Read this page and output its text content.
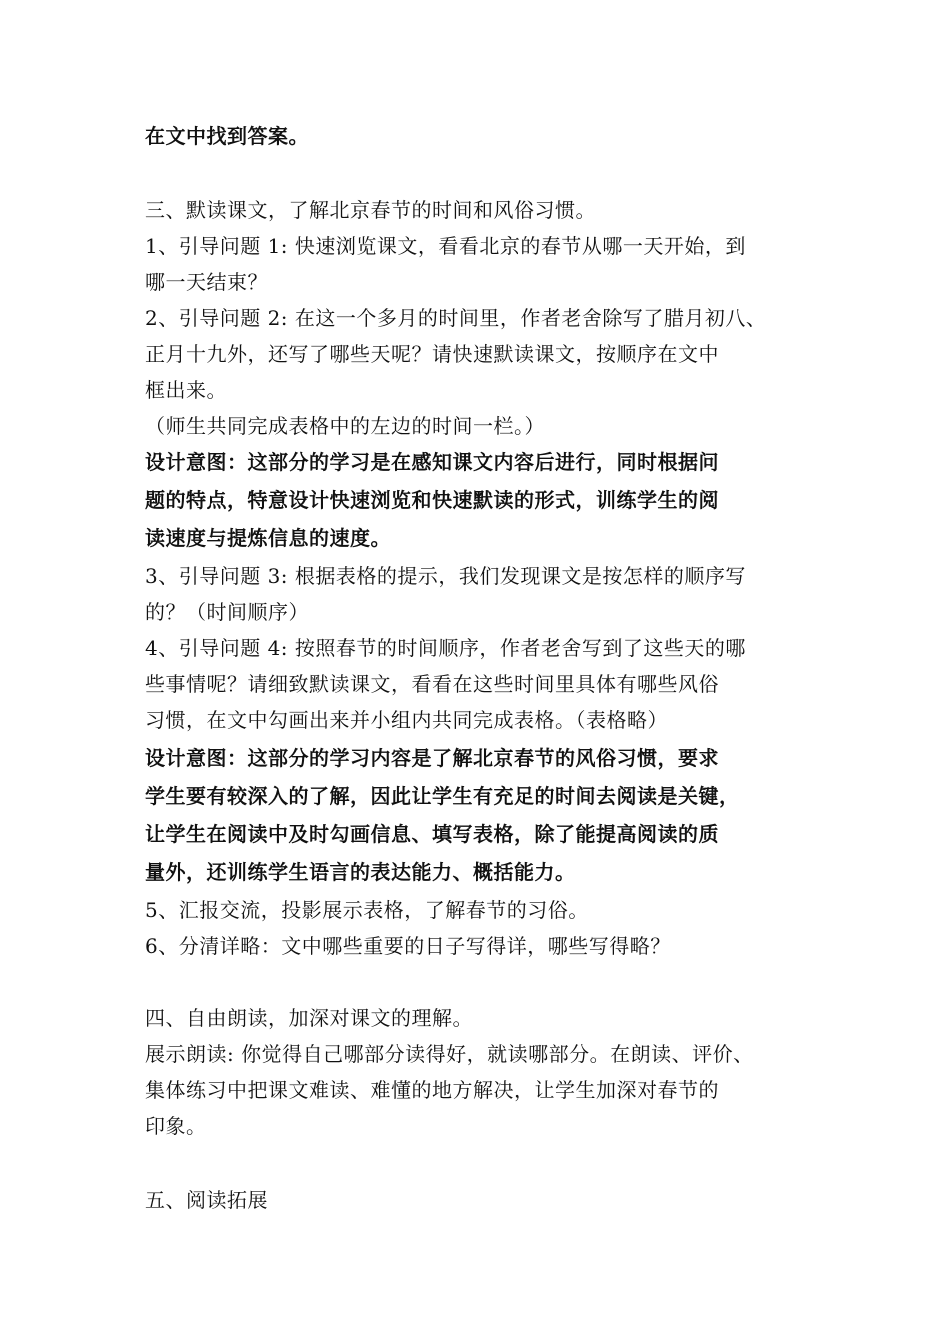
在文中找到答案。
三、默读课文，了解北京春节的时间和风俗习惯。
1、引导问题 1: 快速浏览课文，看看北京的春节从哪一天开始，到
哪一天结束？
2、引导问题 2: 在这一个多月的时间里，作者老舍除写了腊月初八、
正月十九外，还写了哪些天呢？请快速默读课文，按顺序在文中
框出来。
（师生共同完成表格中的左边的时间一栏。）
设计意图：这部分的学习是在感知课文内容后进行，同时根据问
题的特点，特意设计快速浏览和快速默读的形式，训练学生的阅
读速度与提炼信息的速度。
3、引导问题 3: 根据表格的提示，我们发现课文是按怎样的顺序写
的？（时间顺序）
4、引导问题 4: 按照春节的时间顺序，作者老舍写到了这些天的哪
些事情呢？请细致默读课文，看看在这些时间里具体有哪些风俗
习惯，在文中勾画出来并小组内共同完成表格。（表格略）
设计意图：这部分的学习内容是了解北京春节的风俗习惯，要求
学生要有较深入的了解，因此让学生有充足的时间去阅读是关键，
让学生在阅读中及时勾画信息、填写表格，除了能提高阅读的质
量外，还训练学生语言的表达能力、概括能力。
5、汇报交流，投影展示表格，了解春节的习俗。
6、分清详略：文中哪些重要的日子写得详，哪些写得略？
四、自由朗读，加深对课文的理解。
展示朗读: 你觉得自己哪部分读得好，就读哪部分。在朗读、评价、
集体练习中把课文难读、难懂的地方解决，让学生加深对春节的
印象。
五、阅读拓展
